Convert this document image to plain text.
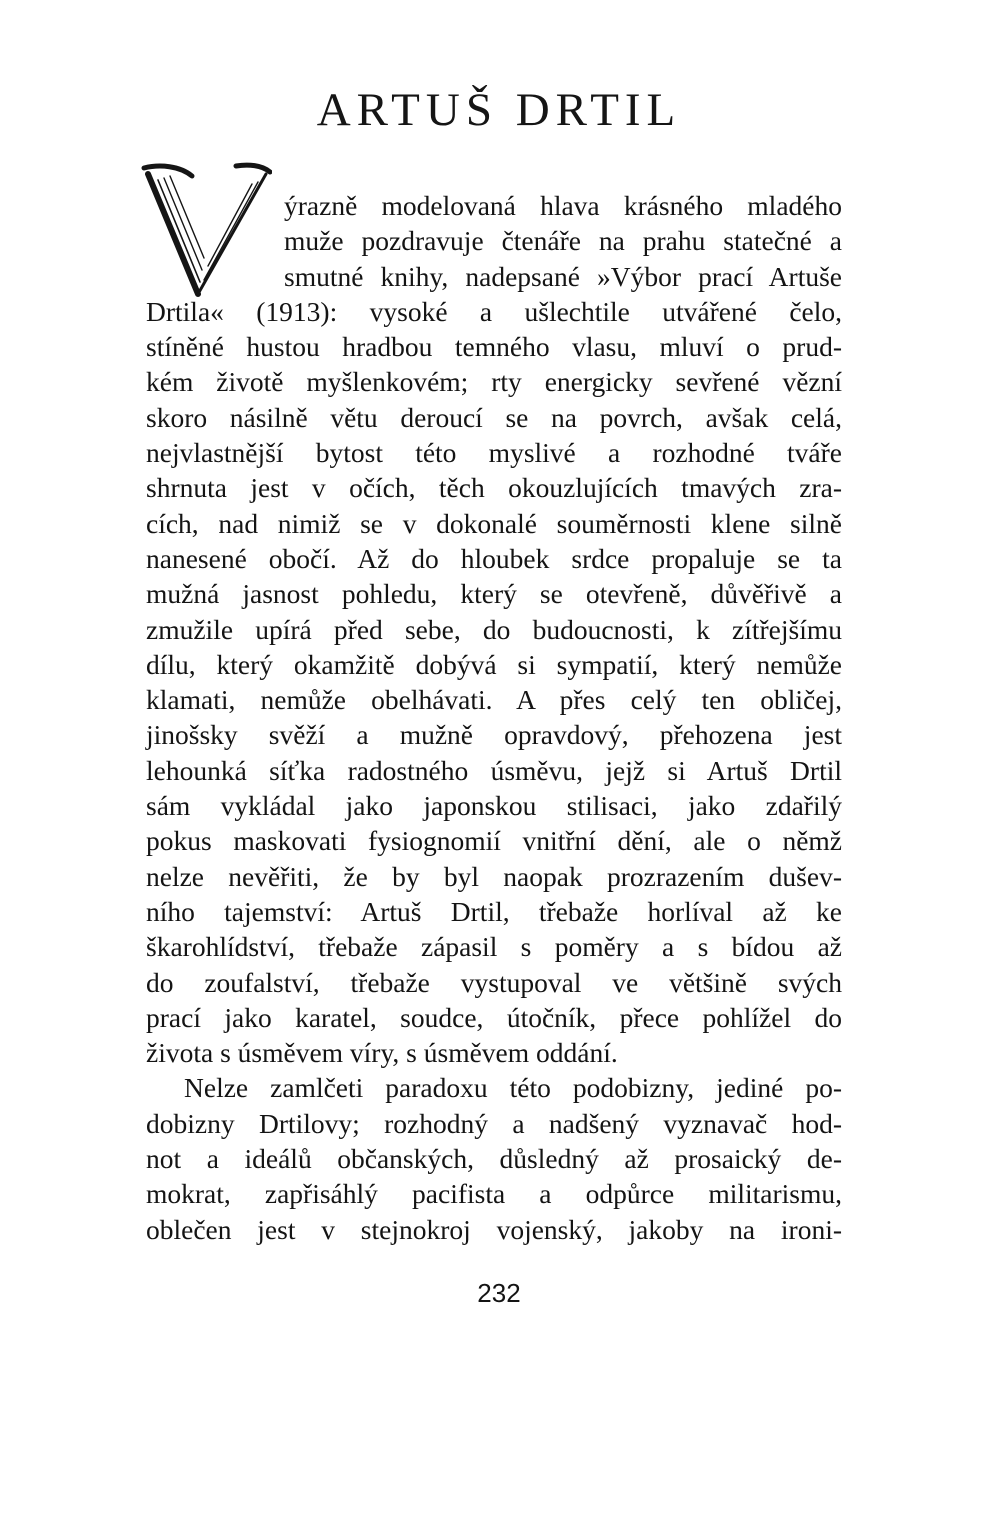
ARTUŠ DRTIL
ýrazně modelovaná hlava krásného mladého
muže pozdravuje čtenáře na prahu statečné a
smutné knihy, nadepsané »Výbor prací Artuše
Drtila« (1913): vysoké a ušlechtile utvářené čelo,
stíněné hustou hradbou temného vlasu, mluví o prud-
kém životě myšlenkovém; rty energicky sevřené vězní
skoro násilně větu deroucí se na povrch, avšak celá,
nejvlastnější bytost této myslivé a rozhodné tváře
shrnuta jest v očích, těch okouzlujících tmavých zra-
cích, nad nimiž se v dokonalé souměrnosti klene silně
nanesené obočí. Až do hloubek srdce propaluje se ta
mužná jasnost pohledu, který se otevřeně, důvěřivě a
zmužile upírá před sebe, do budoucnosti, k zítřejšímu
dílu, který okamžitě dobývá si sympatií, který nemůže
klamati, nemůže obelhávati. A přes celý ten obličej,
jinošsky svěží a mužně opravdový, přehozena jest
lehounká síťka radostného úsměvu, jejž si Artuš Drtil
sám vykládal jako japonskou stilisaci, jako zdařilý
pokus maskovati fysiognomií vnitřní dění, ale o němž
nelze nevěřiti, že by byl naopak prozrazením dušev-
ního tajemství: Artuš Drtil, třebaže horlíval až ke
škarohlídství, třebaže zápasil s poměry a s bídou až
do zoufalství, třebaže vystupoval ve většině svých
prací jako karatel, soudce, útočník, přece pohlížel do
života s úsměvem víry, s úsměvem oddání.
Nelze zamlčeti paradoxu této podobizny, jediné po-
dobizny Drtilovy; rozhodný a nadšený vyznavač hod-
not a ideálů občanských, důsledný až prosaický de-
mokrat, zapřisáhlý pacifista a odpůrce militarismu,
oblečen jest v stejnokroj vojenský, jakoby na ironi-
232
